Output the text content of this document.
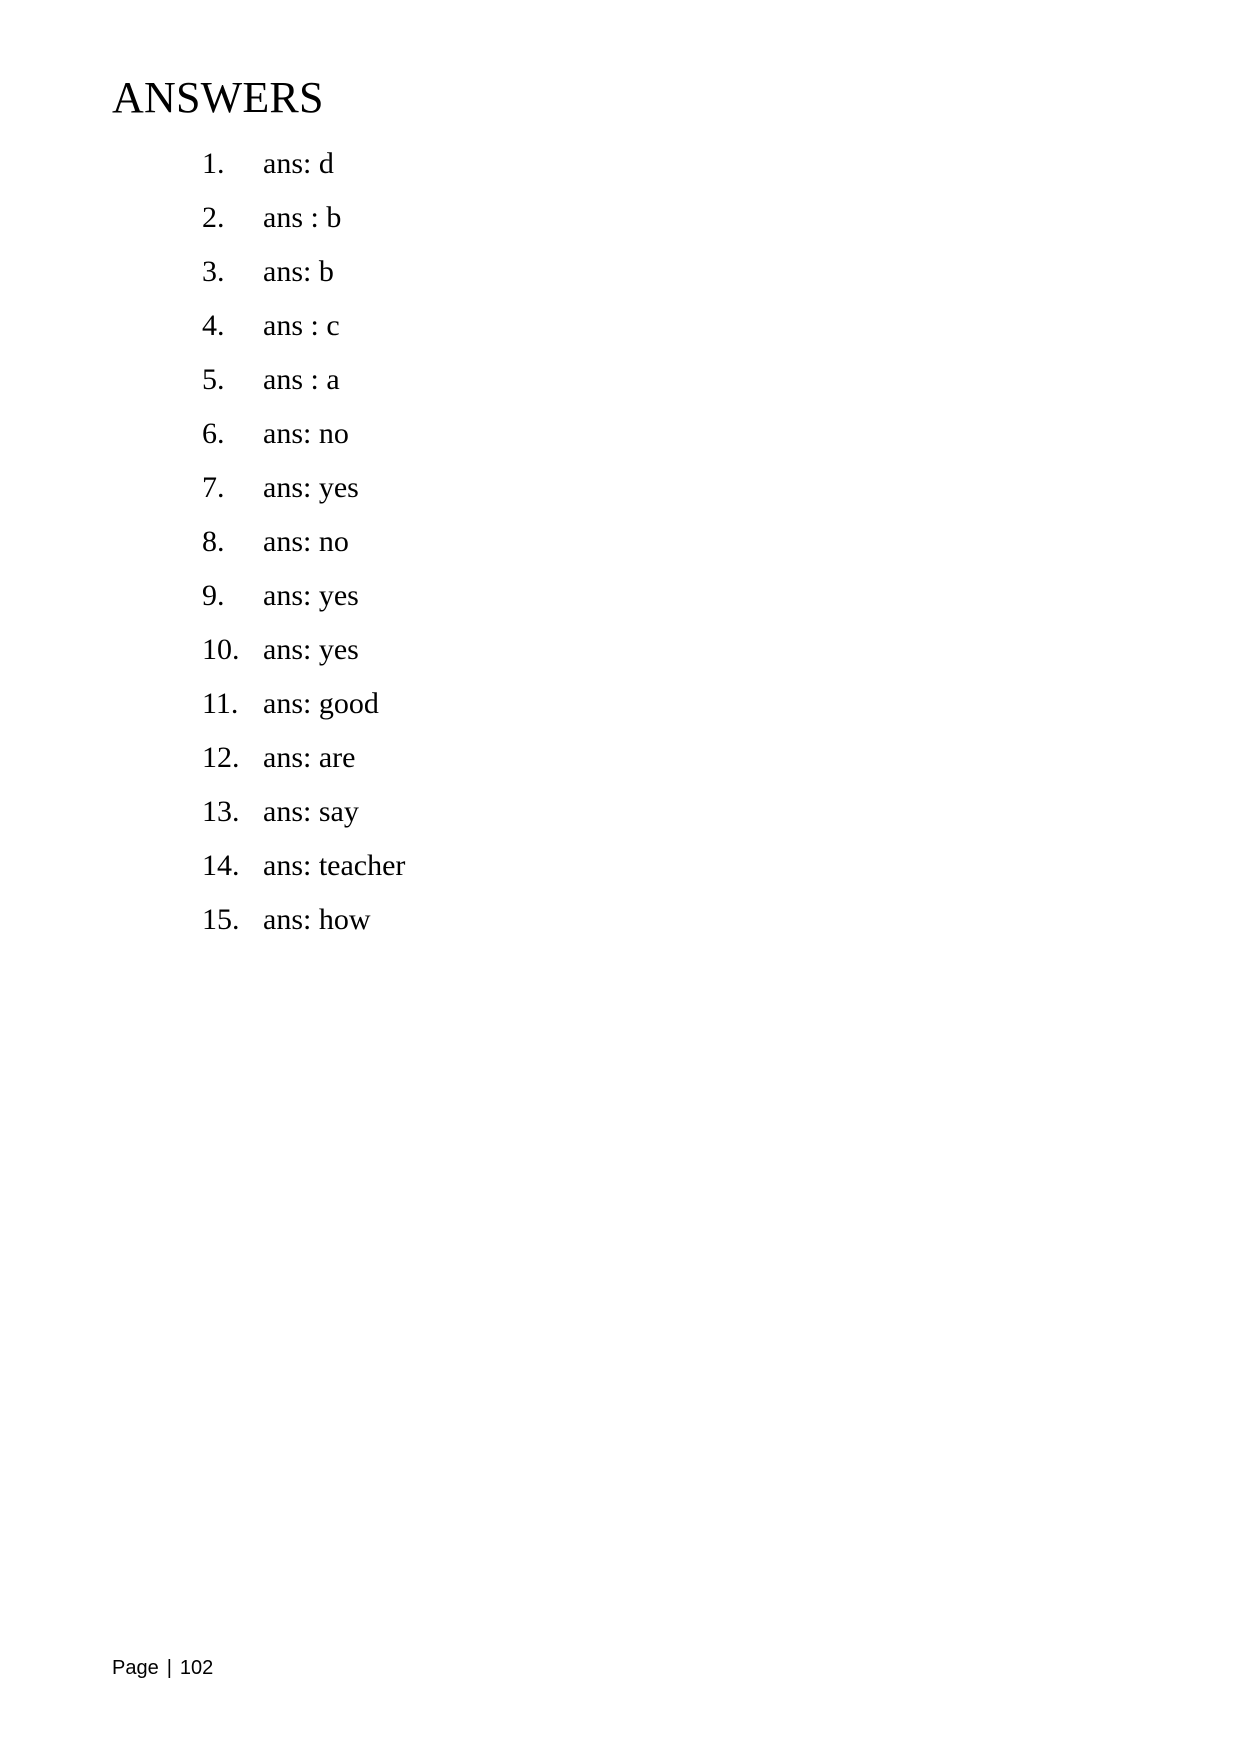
ANSWERS
1.	ans: d
2.	ans : b
3.	ans: b
4.	ans : c
5.	ans : a
6.	ans: no
7.	ans: yes
8.	ans: no
9.	ans: yes
10. ans: yes
11. ans: good
12. ans: are
13. ans: say
14. ans: teacher
15. ans: how
Page | 102
